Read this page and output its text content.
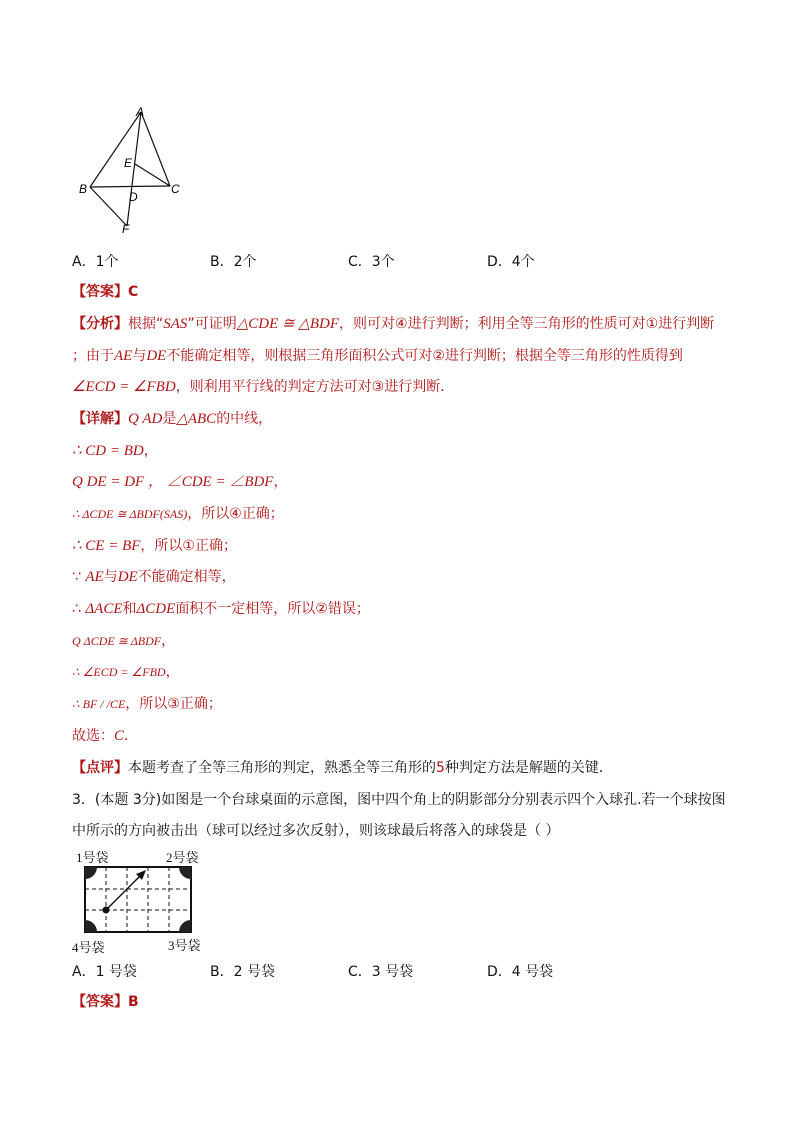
A
E
B	C
D
F
A．1个	B．2个	C．3个	D．4个
【答案】C
【分析】根据“SAS”可证明△CDE ≅ △BDF，则可对④进行判断；利用全等三角形的性质可对①进行判断
；由于AE与DE不能确定相等，则根据三角形面积公式可对②进行判断；根据全等三角形的性质得到
∠ECD = ∠FBD，则利用平行线的判定方法可对③进行判断．
【详解】Q AD是△ABC的中线，
∴ CD = BD，
Q DE = DF ， ∠CDE = ∠BDF，
∴ ΔCDE ≅ ΔBDF(SAS)，所以④正确；
∴ CE = BF，所以①正确；
∵ AE与DE不能确定相等，
∴ ΔACE和ΔCDE面积不一定相等，所以②错误；
Q ΔCDE ≅ ΔBDF，
∴ ∠ECD = ∠FBD，
∴ BF / /CE，所以③正确；
故选：C．
【点评】本题考查了全等三角形的判定，熟悉全等三角形的5种判定方法是解题的关键．
3．(本题 3分)如图是一个台球桌面的示意图，图中四个角上的阴影部分分别表示四个入球孔.若一个球按图
中所示的方向被击出（球可以经过多次反射），则该球最后将落入的球袋是（ ）
1号袋	2号袋
4号袋	3号袋
A．1 号袋	B．2 号袋	C．3 号袋	D．4 号袋
【答案】B
